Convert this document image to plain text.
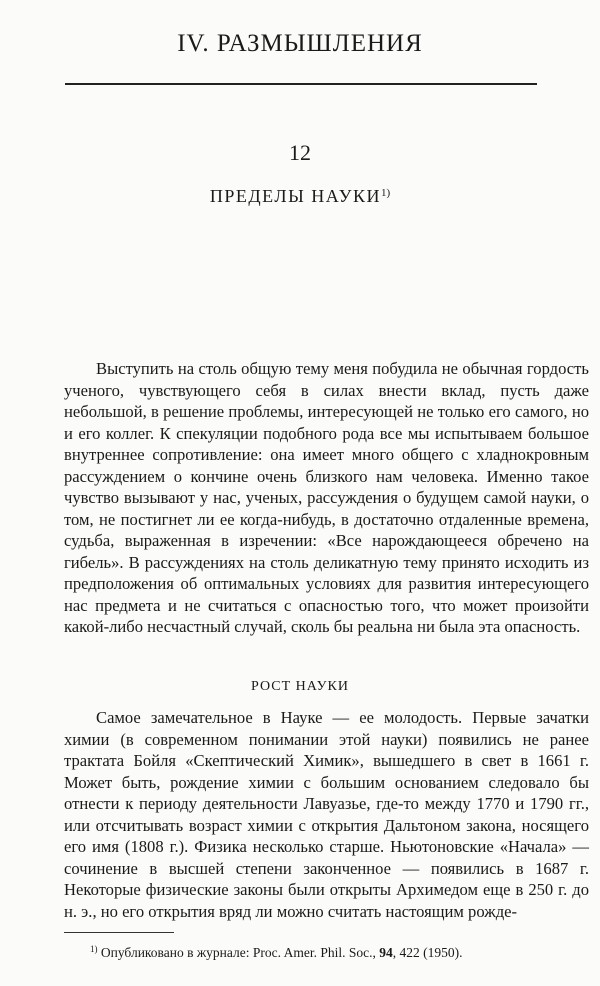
IV. РАЗМЫШЛЕНИЯ
12
ПРЕДЕЛЫ НАУКИ$^{1)}$

Выступить на столь общую тему меня побудила не обычная гордость ученого, чувствующего себя в силах внести вклад, пусть даже небольшой, в решение проблемы, интересующей не только его самого, но и его коллег. К спекуляции подобного рода все мы испытываем большое внутреннее сопротивление: она имеет много общего с хладнокровным рассуждением о кончине очень близкого нам человека. Именно такое чувство вызывают у нас, ученых, рассуждения о будущем самой науки, о том, не постигнет ли ее когда-нибудь, в достаточно отдаленные времена, судьба, выраженная в изречении: «Все нарождающееся обречено на гибель». В рассуждениях на столь деликатную тему принято исходить из предположения об оптимальных условиях для развития интересующего нас предмета и не считаться с опасностью того, что может произойти какой-либо несчастный случай, сколь бы реальна ни была эта опасность.

РОСТ НАУКИ

Самое замечательное в Науке — ее молодость. Первые зачатки химии (в современном понимании этой науки) появились не ранее трактата Бойля «Скептический Химик», вышедшего в свет в 1661 г. Может быть, рождение химии с большим основанием следовало бы отнести к периоду деятельности Лавуазье, где-то между 1770 и 1790 гг., или отсчитывать возраст химии с открытия Дальтоном закона, носящего его имя (1808 г.). Физика несколько старше. Ньютоновские «Начала» — сочинение в высшей степени законченное — появились в 1687 г. Некоторые физические законы были открыты Архимедом еще в 250 г. до н. э., но его открытия вряд ли можно считать настоящим рожде-

$^{1)}$ Опубликовано в журнале: Proc. Amer. Phil. Soc., 94, 422 (1950).
